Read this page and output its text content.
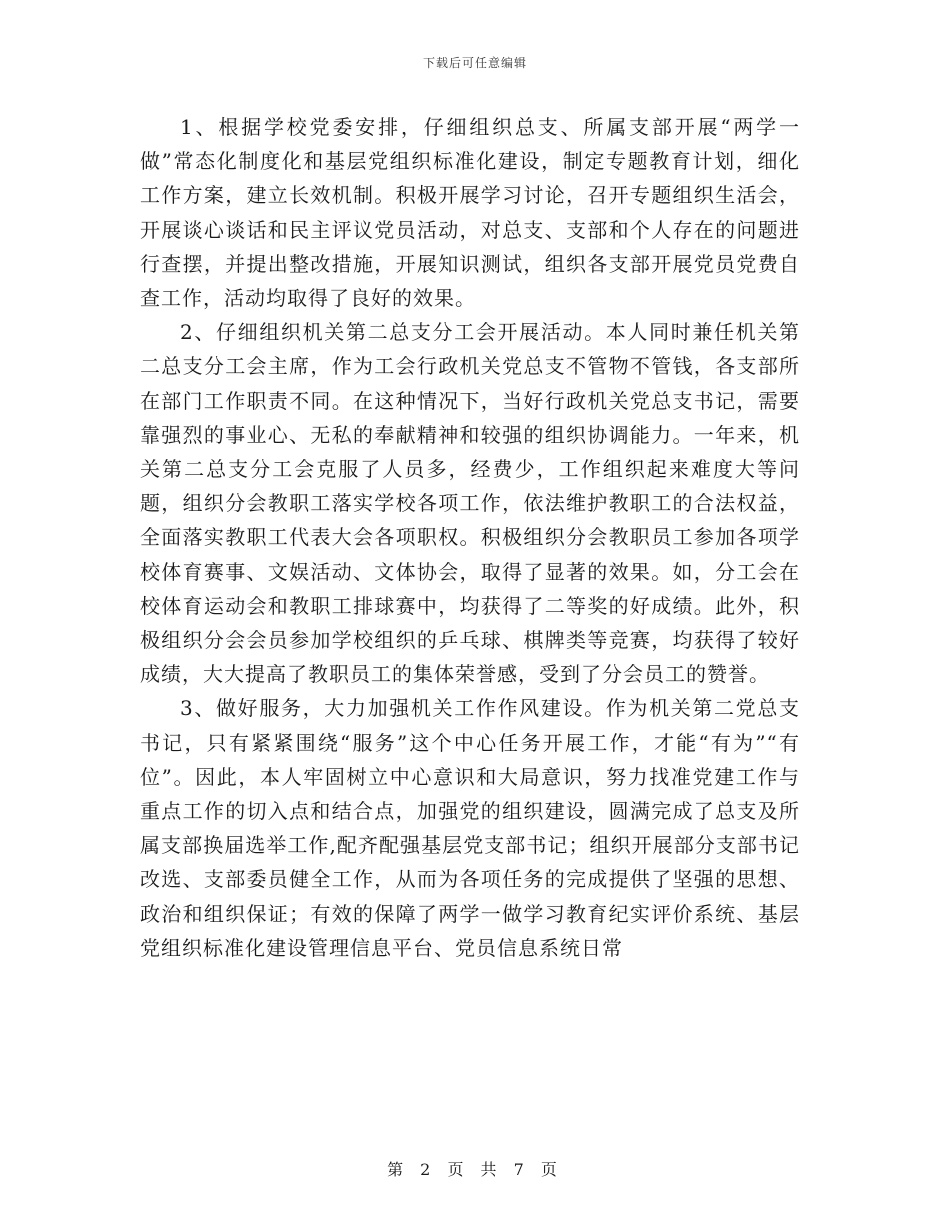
下载后可任意编辑

1、根据学校党委安排，仔细组织总支、所属支部开展“两学一做”常态化制度化和基层党组织标准化建设，制定专题教育计划，细化工作方案，建立长效机制。积极开展学习讨论，召开专题组织生活会，开展谈心谈话和民主评议党员活动，对总支、支部和个人存在的问题进行查摆，并提出整改措施，开展知识测试，组织各支部开展党员党费自查工作，活动均取得了良好的效果。

2、仔细组织机关第二总支分工会开展活动。本人同时兼任机关第二总支分工会主席，作为工会行政机关党总支不管物不管钱，各支部所在部门工作职责不同。在这种情况下，当好行政机关党总支书记，需要靠强烈的事业心、无私的奉献精神和较强的组织协调能力。一年来，机关第二总支分工会克服了人员多，经费少，工作组织起来难度大等问题，组织分会教职工落实学校各项工作，依法维护教职工的合法权益，全面落实教职工代表大会各项职权。积极组织分会教职员工参加各项学校体育赛事、文娱活动、文体协会，取得了显著的效果。如，分工会在校体育运动会和教职工排球赛中，均获得了二等奖的好成绩。此外，积极组织分会会员参加学校组织的乒乓球、棋牌类等竞赛，均获得了较好成绩，大大提高了教职员工的集体荣誉感，受到了分会员工的赞誉。

3、做好服务，大力加强机关工作作风建设。作为机关第二党总支书记，只有紧紧围绕“服务”这个中心任务开展工作，才能“有为”“有位”。因此，本人牢固树立中心意识和大局意识，努力找准党建工作与重点工作的切入点和结合点，加强党的组织建设，圆满完成了总支及所属支部换届选举工作,配齐配强基层党支部书记；组织开展部分支部书记改选、支部委员健全工作，从而为各项任务的完成提供了坚强的思想、政治和组织保证；有效的保障了两学一做学习教育纪实评价系统、基层党组织标准化建设管理信息平台、党员信息系统日常

第 2 页 共 7 页
